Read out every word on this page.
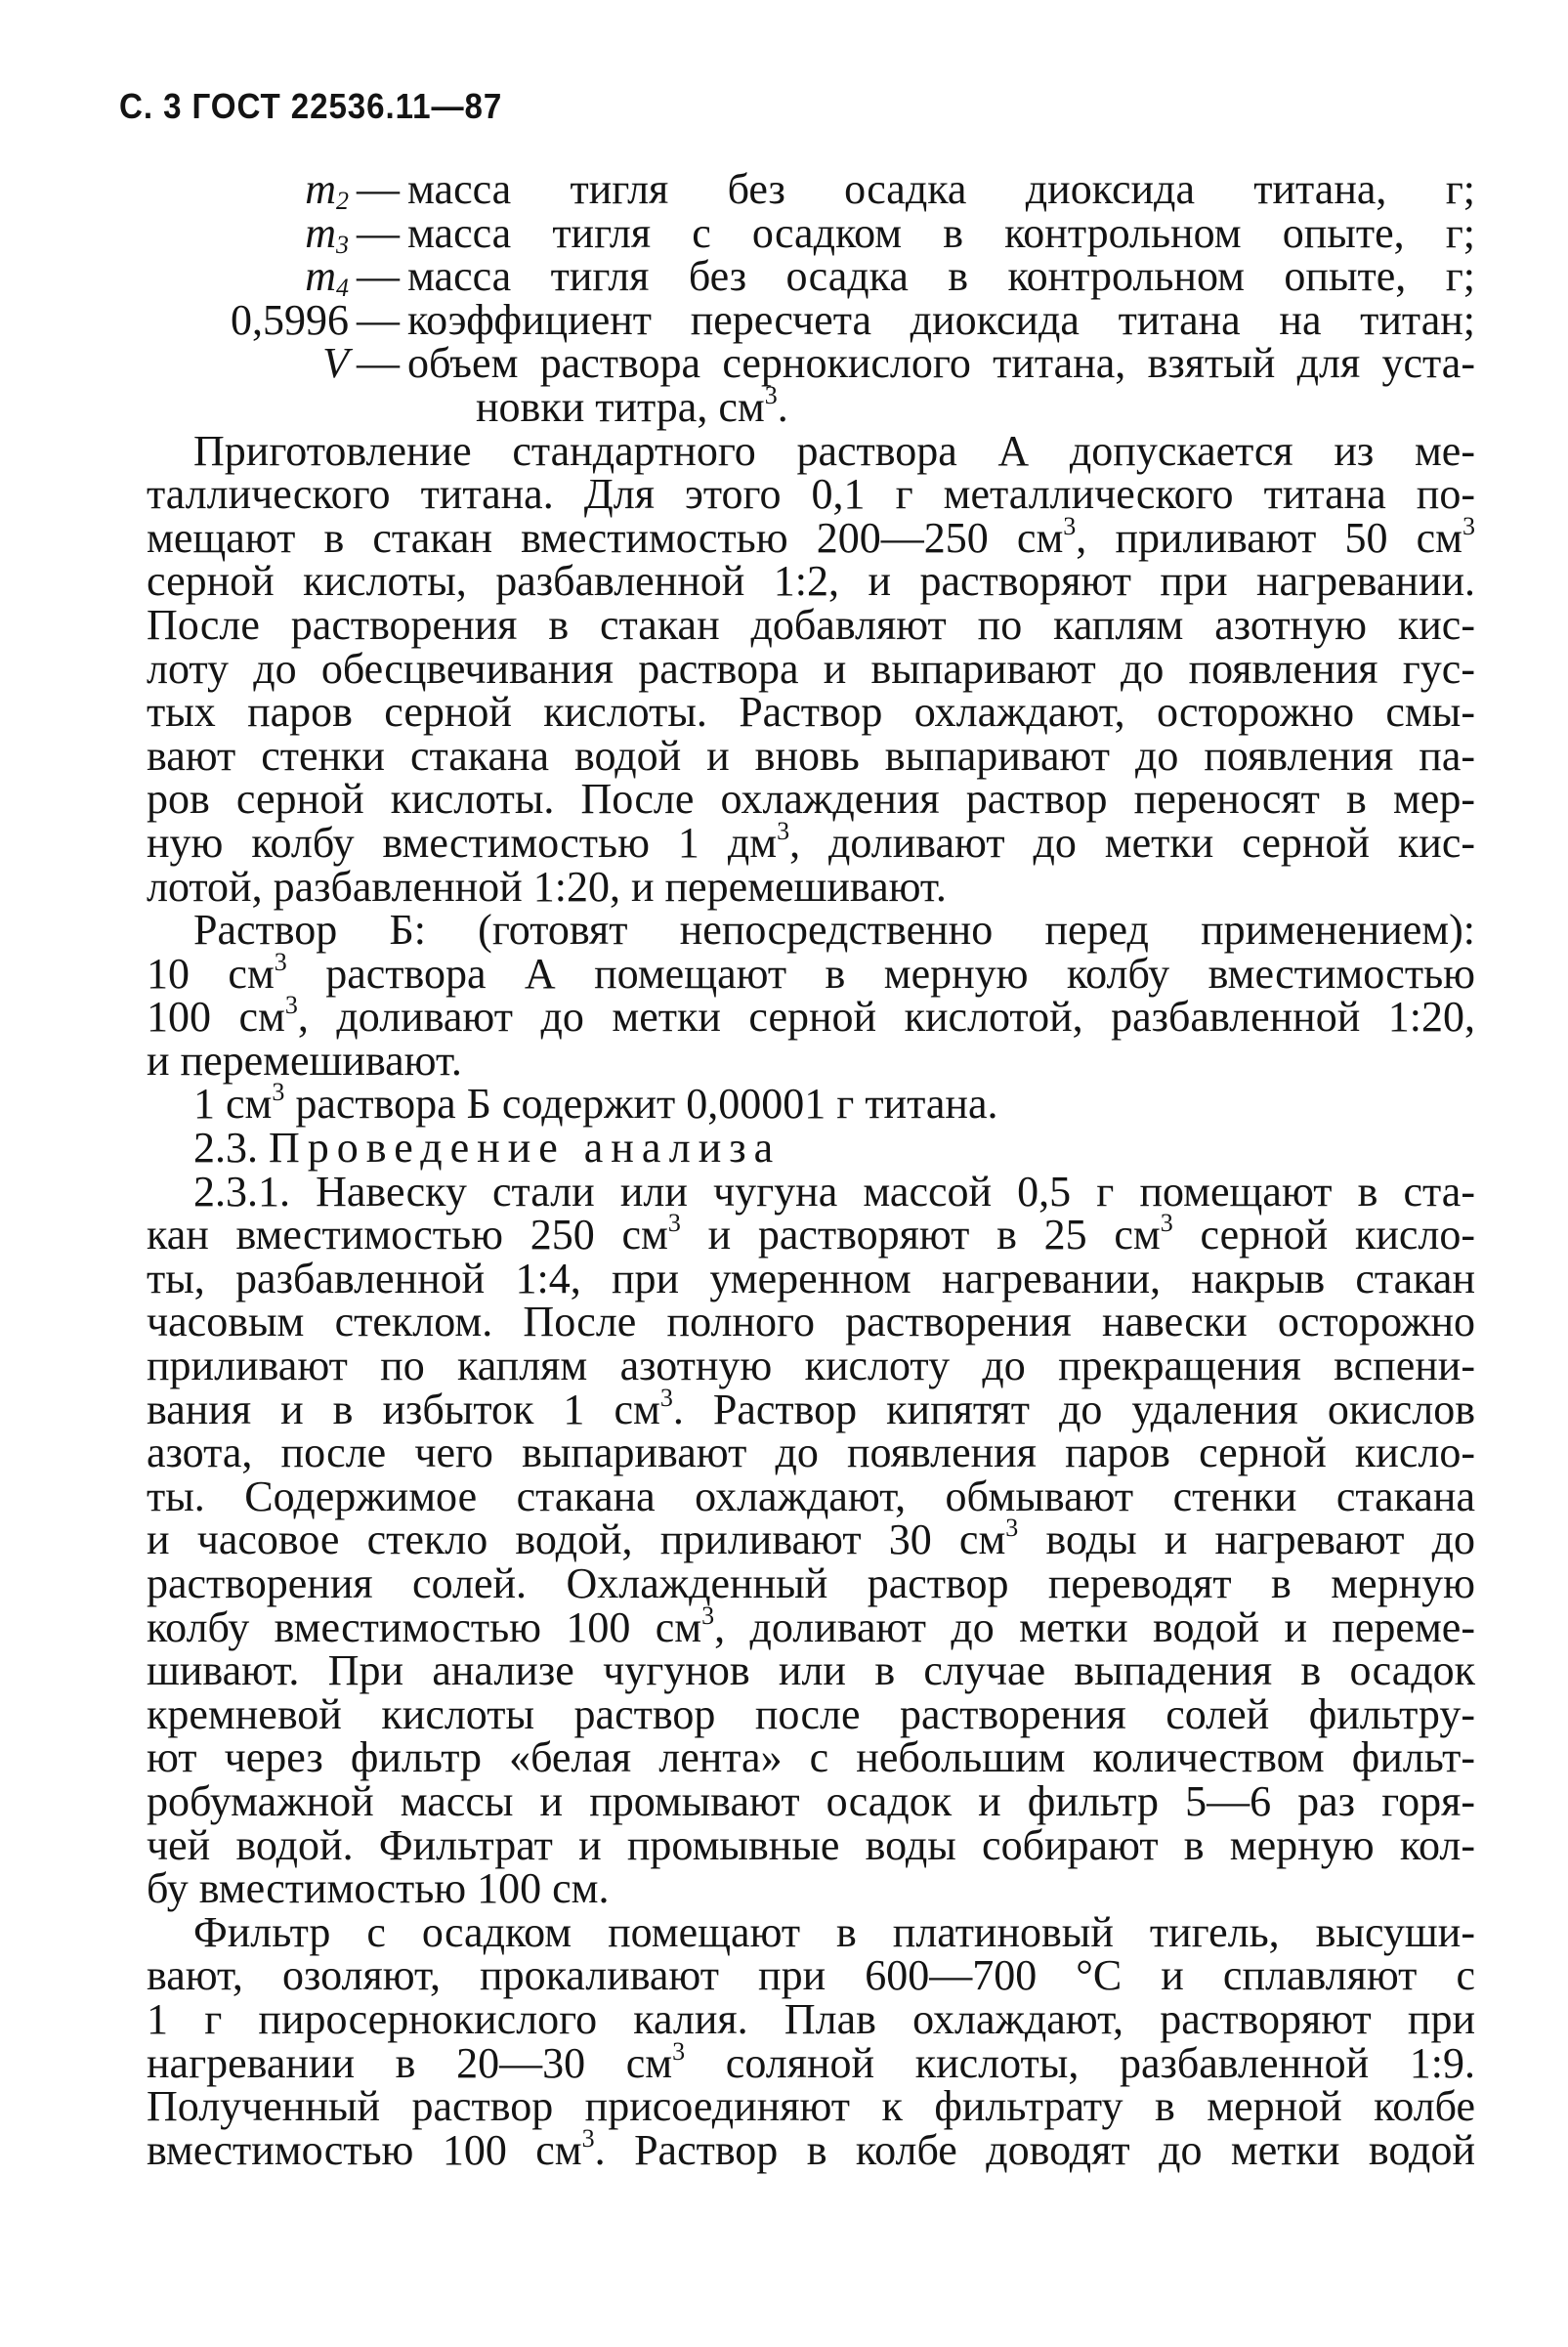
С. 3 ГОСТ 22536.11—87
$m_2$ — масса тигля без осадка диоксида титана, г;
$m_3$ — масса тигля с осадком в контрольном опыте, г;
$m_4$ — масса тигля без осадка в контрольном опыте, г;
0,5996 — коэффициент пересчета диоксида титана на титан;
V — объем раствора сернокислого титана, взятый для уста-
новки титра, $см^3$.
Приготовление стандартного раствора А допускается из ме-
таллического титана. Для этого 0,1 г металлического титана по-
мещают в стакан вместимостью 200—250 $см^3$, приливают 50 $см^3$
серной кислоты, разбавленной 1:2, и растворяют при нагревании.
После растворения в стакан добавляют по каплям азотную кис-
лоту до обесцвечивания раствора и выпаривают до появления гус-
тых паров серной кислоты. Раствор охлаждают, осторожно смы-
вают стенки стакана водой и вновь выпаривают до появления па-
ров серной кислоты. После охлаждения раствор переносят в мер-
ную колбу вместимостью 1 $дм^3$, доливают до метки серной кис-
лотой, разбавленной 1:20, и перемешивают.
Раствор Б: (готовят непосредственно перед применением):
10 $см^3$ раствора А помещают в мерную колбу вместимостью
100 $см^3$, доливают до метки серной кислотой, разбавленной 1:20,
и перемешивают.
1 $см^3$ раствора Б содержит 0,00001 г титана.
2.3. Проведение анализа
2.3.1. Навеску стали или чугуна массой 0,5 г помещают в ста-
кан вместимостью 250 $см^3$ и растворяют в 25 $см^3$ серной кисло-
ты, разбавленной 1:4, при умеренном нагревании, накрыв стакан
часовым стеклом. После полного растворения навески осторожно
приливают по каплям азотную кислоту до прекращения вспени-
вания и в избыток 1 $см^3$. Раствор кипятят до удаления окислов
азота, после чего выпаривают до появления паров серной кисло-
ты. Содержимое стакана охлаждают, обмывают стенки стакана
и часовое стекло водой, приливают 30 $см^3$ воды и нагревают до
растворения солей. Охлажденный раствор переводят в мерную
колбу вместимостью 100 $см^3$, доливают до метки водой и переме-
шивают. При анализе чугунов или в случае выпадения в осадок
кремневой кислоты раствор после растворения солей фильтру-
ют через фильтр «белая лента» с небольшим количеством фильт-
робумажной массы и промывают осадок и фильтр 5—6 раз горя-
чей водой. Фильтрат и промывные воды собирают в мерную кол-
бу вместимостью 100 см.
Фильтр с осадком помещают в платиновый тигель, высуши-
вают, озоляют, прокаливают при 600—700 °С и сплавляют с
1 г пиросернокислого калия. Плав охлаждают, растворяют при
нагревании в 20—30 $см^3$ соляной кислоты, разбавленной 1:9.
Полученный раствор присоединяют к фильтрату в мерной колбе
вместимостью 100 $см^3$. Раствор в колбе доводят до метки водой
